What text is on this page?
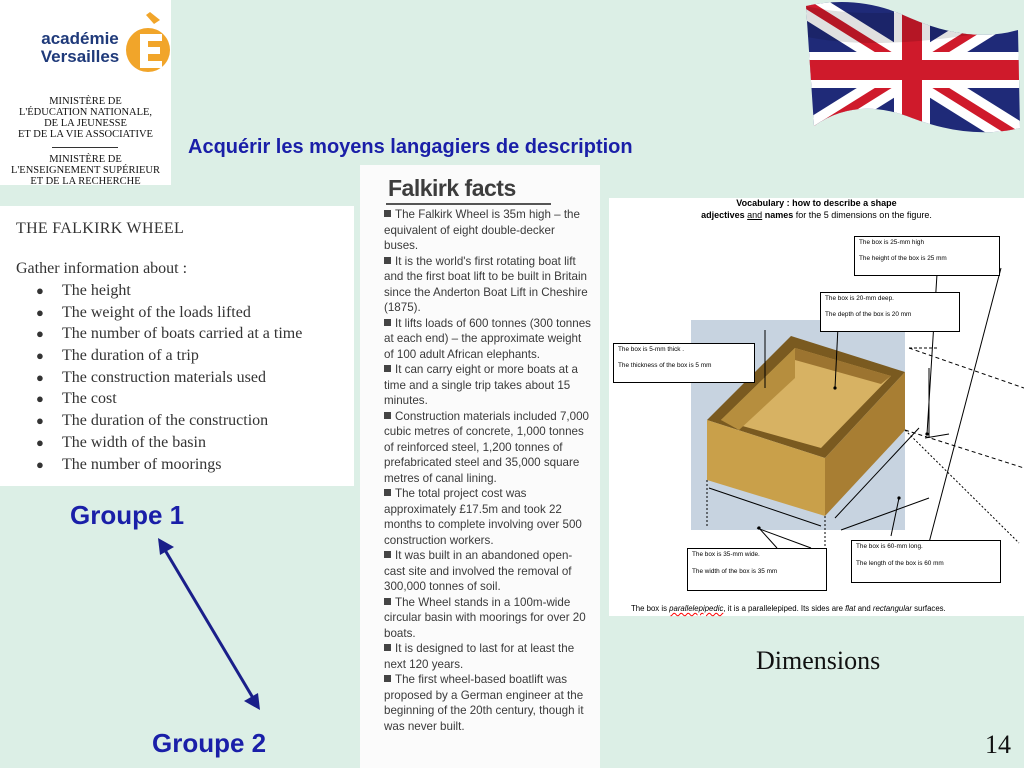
académie
Versailles
MINISTÈRE DE
L'ÉDUCATION NATIONALE,
DE LA JEUNESSE
ET DE LA VIE ASSOCIATIVE
MINISTÈRE DE
L'ENSEIGNEMENT SUPÉRIEUR
ET DE LA RECHERCHE
Acquérir les moyens langagiers de description
THE FALKIRK WHEEL
Gather information about :
● The height
● The weight of the loads lifted
● The number of boats carried at a time
● The duration of a trip
● The construction materials used
● The cost
● The duration of the construction
● The width of the basin
● The number of moorings
Groupe 1
Groupe 2
Falkirk facts

The Falkirk Wheel is 35m high – the equivalent of eight double-decker buses.

It is the world's first rotating boat lift and the first boat lift to be built in Britain since the Anderton Boat Lift in Cheshire (1875).

It lifts loads of 600 tonnes (300 tonnes at each end) – the approximate weight of 100 adult African elephants.

It can carry eight or more boats at a time and a single trip takes about 15 minutes.

Construction materials included 7,000 cubic metres of concrete, 1,000 tonnes of reinforced steel, 1,200 tonnes of prefabricated steel and 35,000 square metres of canal lining.

The total project cost was approximately £17.5m and took 22 months to complete involving over 500 construction workers.

It was built in an abandoned open-cast site and involved the removal of 300,000 tonnes of soil.

The Wheel stands in a 100m-wide circular basin with moorings for over 20 boats.

It is designed to last for at least the next 120 years.

The first wheel-based boatlift was proposed by a German engineer at the beginning of the 20th century, though it was never built.

Vocabulary : how to describe a shape
adjectives and names for the 5 dimensions on the figure.
The box is 25-mm high
The height of the box is 25 mm
The box is 20-mm deep.
The depth of the box is 20 mm
The box is 5-mm thick .
The thickness of the box is 5 mm
The box is 35-mm wide.
The width of the box is 35 mm
The box is 60-mm long.
The length of the box is 60 mm
The box is parallelepipedic, it is a parallelepiped. Its sides are flat and rectangular surfaces.
Dimensions
14
